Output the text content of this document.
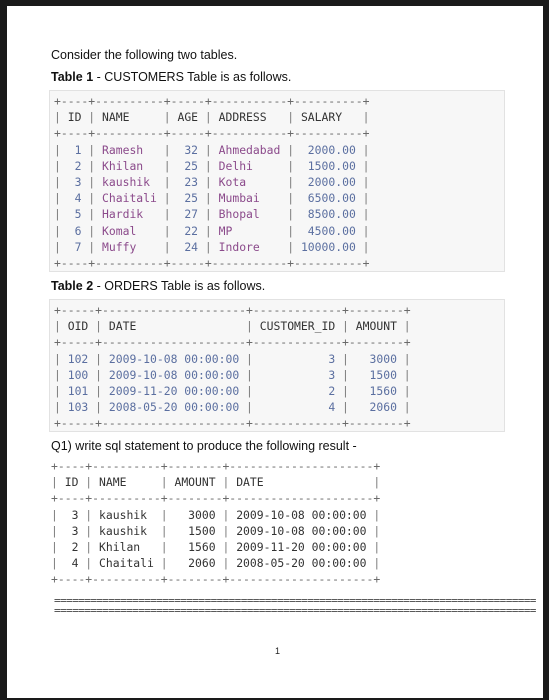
Consider the following two tables.
Table 1 - CUSTOMERS Table is as follows.
+----+----------+-----+-----------+----------+
| ID | NAME     | AGE | ADDRESS   | SALARY   |
+----+----------+-----+-----------+----------+
|  1 | Ramesh   |  32 | Ahmedabad |  2000.00 |
|  2 | Khilan   |  25 | Delhi     |  1500.00 |
|  3 | kaushik  |  23 | Kota      |  2000.00 |
|  4 | Chaitali |  25 | Mumbai    |  6500.00 |
|  5 | Hardik   |  27 | Bhopal    |  8500.00 |
|  6 | Komal    |  22 | MP        |  4500.00 |
|  7 | Muffy    |  24 | Indore    | 10000.00 |
+----+----------+-----+-----------+----------+
Table 2 - ORDERS Table is as follows.
+-----+---------------------+-------------+--------+
| OID | DATE                | CUSTOMER_ID | AMOUNT |
+-----+---------------------+-------------+--------+
| 102 | 2009-10-08 00:00:00 |           3 |   3000 |
| 100 | 2009-10-08 00:00:00 |           3 |   1500 |
| 101 | 2009-11-20 00:00:00 |           2 |   1560 |
| 103 | 2008-05-20 00:00:00 |           4 |   2060 |
+-----+---------------------+-------------+--------+
Q1) write sql statement to produce the following result -
+----+----------+--------+---------------------+
| ID | NAME     | AMOUNT | DATE                |
+----+----------+--------+---------------------+
|  3 | kaushik  |   3000 | 2009-10-08 00:00:00 |
|  3 | kaushik  |   1500 | 2009-10-08 00:00:00 |
|  2 | Khilan   |   1560 | 2009-11-20 00:00:00 |
|  4 | Chaitali |   2060 | 2008-05-20 00:00:00 |
+----+----------+--------+---------------------+
================================================================================
================================================================================
1
